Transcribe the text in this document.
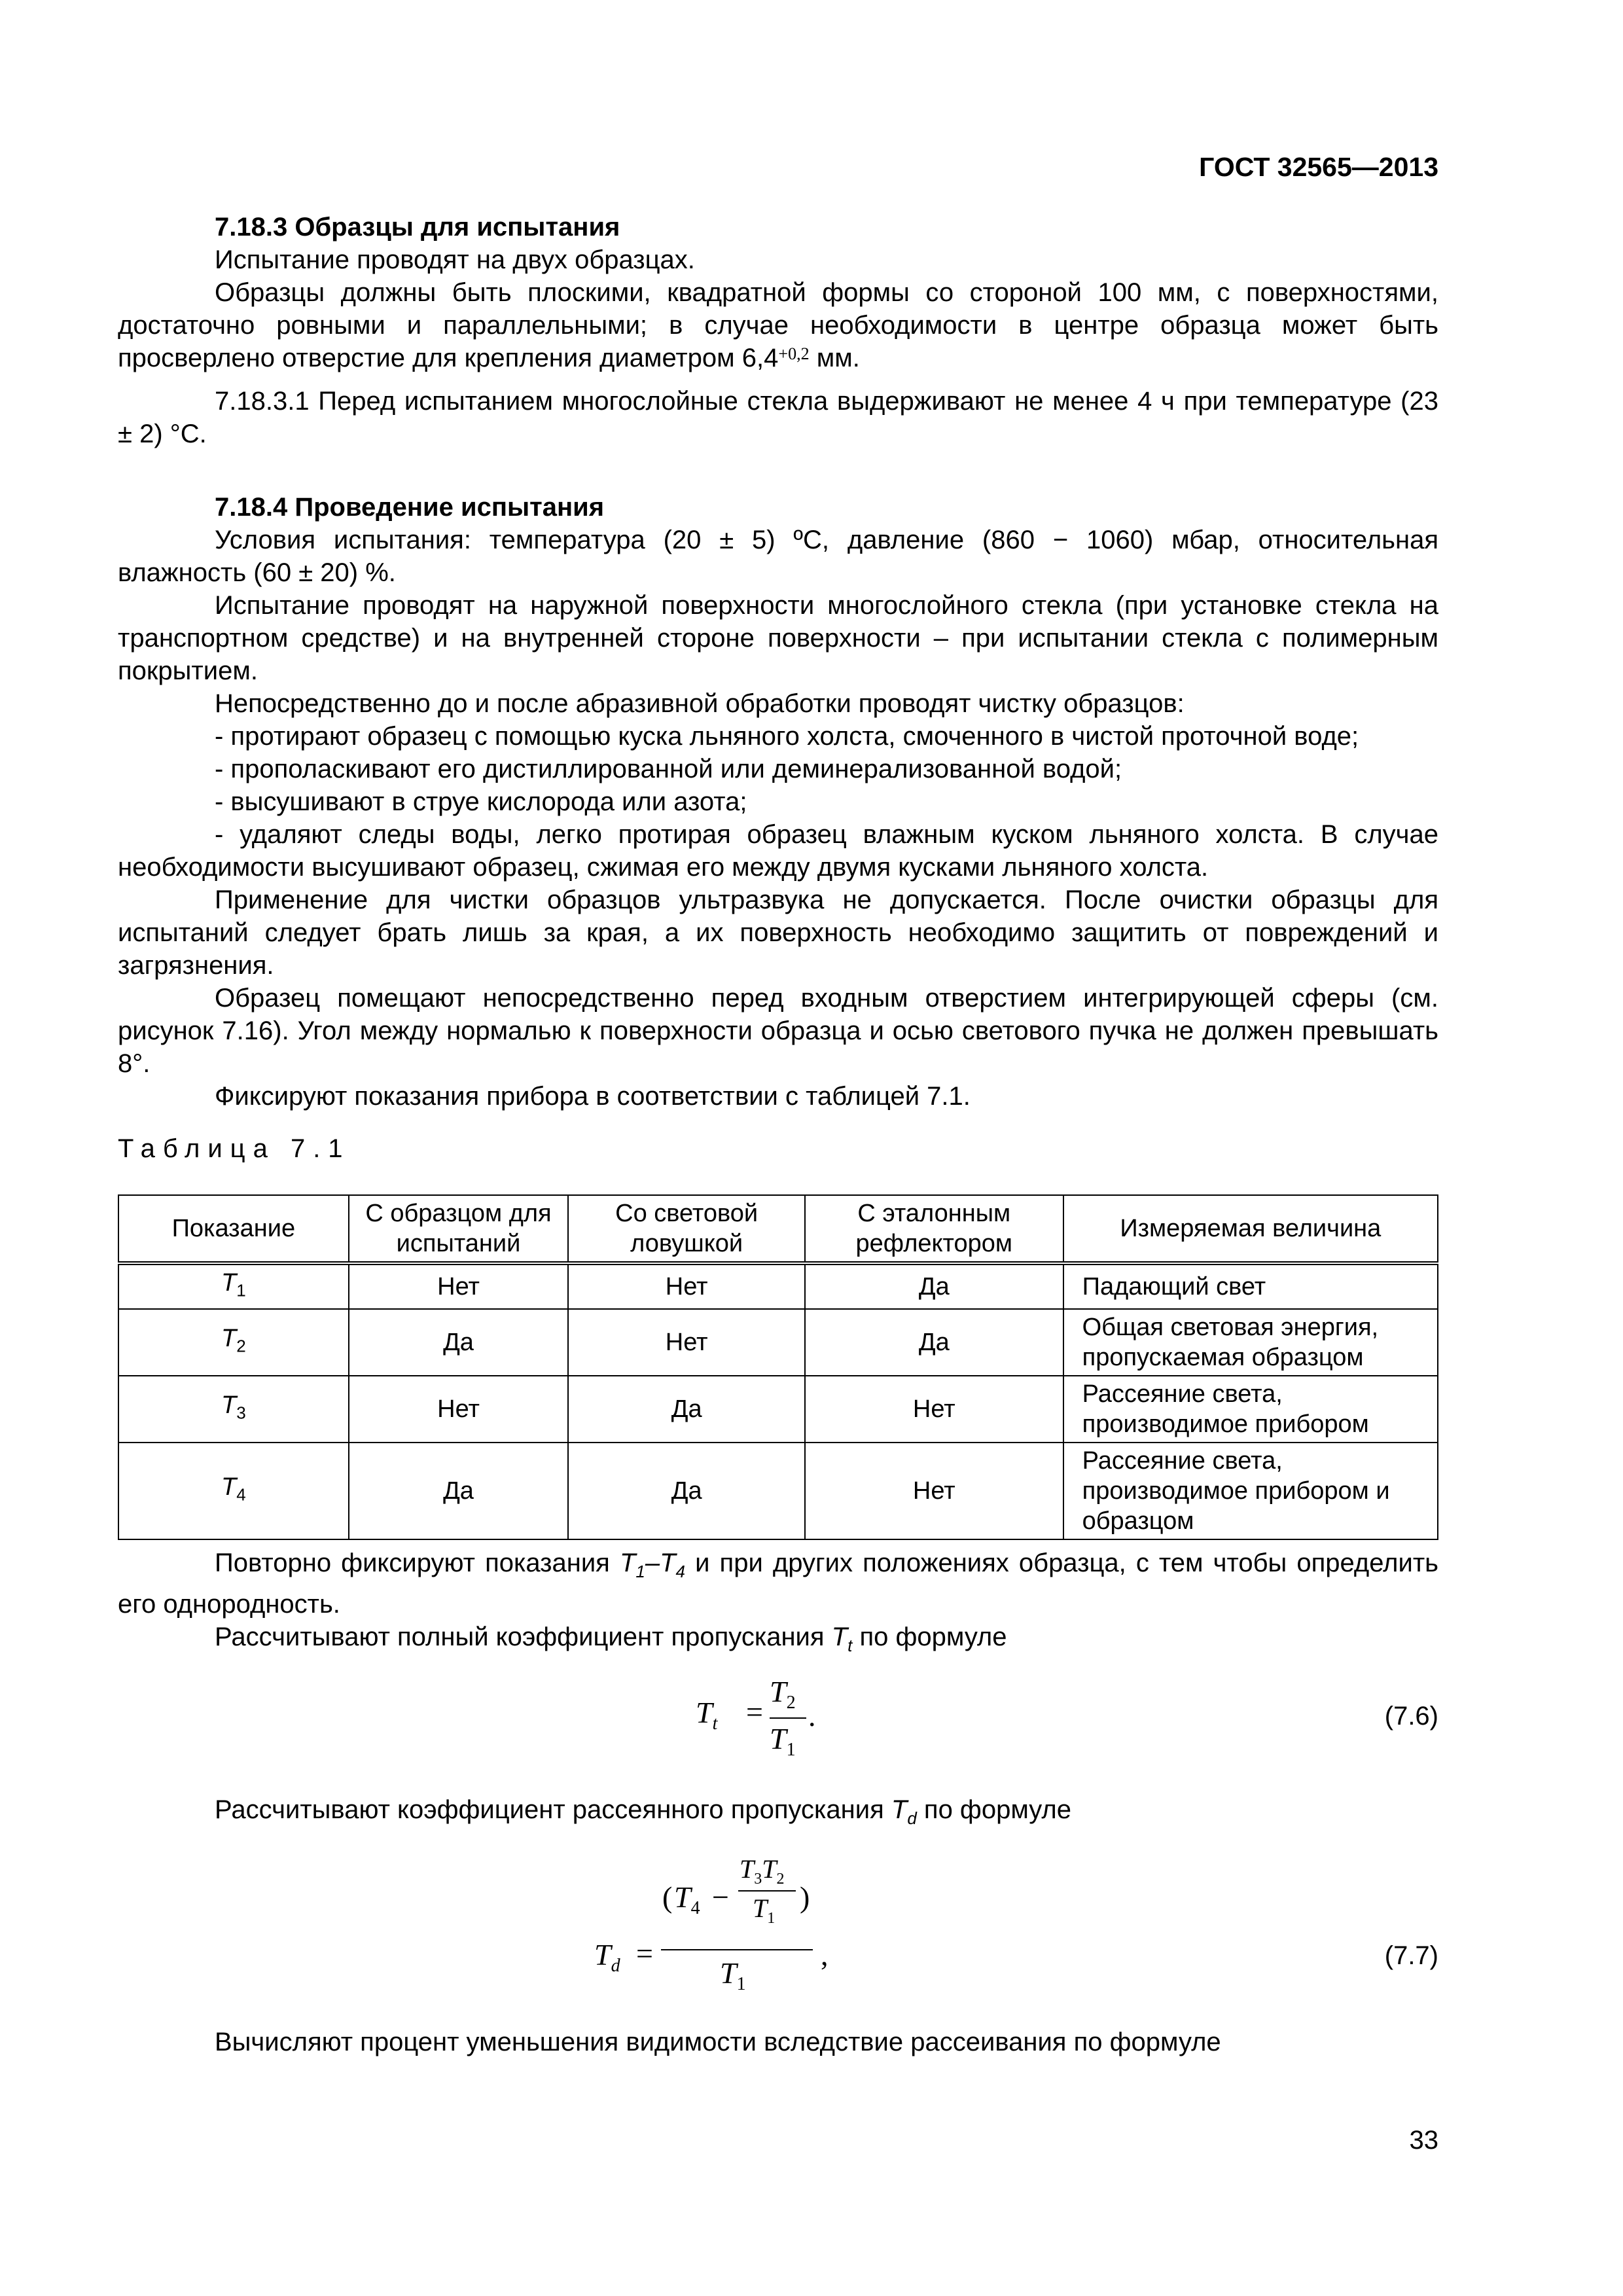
ГОСТ 32565—2013
7.18.3 Образцы для испытания
Испытание проводят на двух образцах.
Образцы должны быть плоскими, квадратной формы со стороной 100 мм, с поверхностями, достаточно ровными и параллельными; в случае необходимости в центре образца может быть просверлено отверстие для крепления диаметром $6,4^{+0,2}$ мм.
7.18.3.1 Перед испытанием многослойные стекла выдерживают не менее 4 ч при температуре (23 ± 2) °С.
7.18.4 Проведение испытания
Условия испытания: температура (20 ± 5) ºС, давление (860 − 1060) мбар, относительная влажность (60 ± 20) %.
Испытание проводят на наружной поверхности многослойного стекла (при установке стекла на транспортном средстве) и на внутренней стороне поверхности – при испытании стекла с полимерным покрытием.
Непосредственно до и после абразивной обработки проводят чистку образцов:
- протирают образец с помощью куска льняного холста, смоченного в чистой проточной воде;
- прополаскивают его дистиллированной или деминерализованной водой;
- высушивают в струе кислорода или азота;
- удаляют следы воды, легко протирая образец влажным куском льняного холста. В случае необходимости высушивают образец, сжимая его между двумя кусками льняного холста.
Применение для чистки образцов ультразвука не допускается. После очистки образцы для испытаний следует брать лишь за края, а их поверхность необходимо защитить от повреждений и загрязнения.
Образец помещают непосредственно перед входным отверстием интегрирующей сферы (см. рисунок 7.16). Угол между нормалью к поверхности образца и осью светового пучка не должен превышать 8°.
Фиксируют показания прибора в соответствии с таблицей 7.1.
Таблица 7.1
Показание	С образцом для испытаний	Со световой ловушкой	С эталонным рефлектором	Измеряемая величина
$T_1$	Нет	Нет	Да	Падающий свет
$T_2$	Да	Нет	Да	Общая световая энергия, пропускаемая образцом
$T_3$	Нет	Да	Нет	Рассеяние света, производимое прибором
$T_4$	Да	Да	Нет	Рассеяние света, производимое прибором и образцом
Повторно фиксируют показания $T_1-T_4$ и при других положениях образца, с тем чтобы определить его однородность.
Рассчитывают полный коэффициент пропускания $T_t$ по формуле
$T_t$ =
$T_2$
$T_1$
.	(7.6)
Рассчитывают коэффициент рассеянного пропускания $T_d$ по формуле
$T_d$ =
( $T_4$ −
$T_3T_2$
$T_1$
)
$T_1$
,	(7.7)
Вычисляют процент уменьшения видимости вследствие рассеивания по формуле
33
